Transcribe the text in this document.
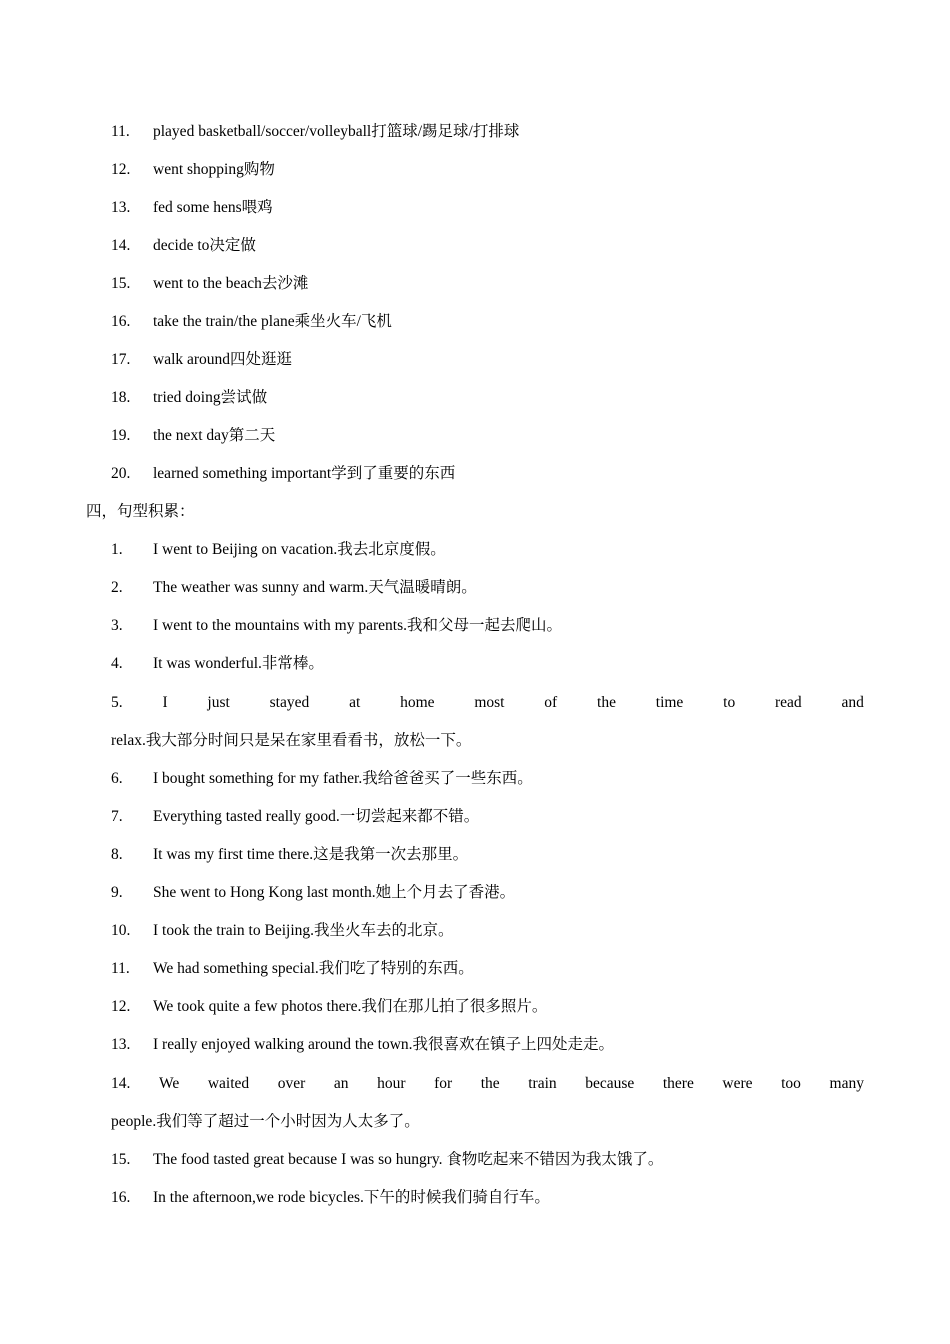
11. played basketball/soccer/volleyball打篮球/踢足球/打排球
12. went shopping购物
13. fed some hens喂鸡
14. decide to决定做
15. went to the beach去沙滩
16. take the train/the plane乘坐火车/飞机
17. walk around四处逛逛
18. tried doing尝试做
19. the next day第二天
20. learned something important学到了重要的东西
四，句型积累：
1. I went to Beijing on vacation.我去北京度假。
2. The weather was sunny and warm.天气温暖晴朗。
3. I went to the mountains with my parents.我和父母一起去爬山。
4. It was wonderful.非常棒。
5.	I	just	stayed	at	home	most	of	the	time	to	read	and
relax.我大部分时间只是呆在家里看看书，放松一下。
6. I bought something for my father.我给爸爸买了一些东西。
7. Everything tasted really good.一切尝起来都不错。
8. It was my first time there.这是我第一次去那里。
9. She went to Hong Kong last month.她上个月去了香港。
10. I took the train to Beijing.我坐火车去的北京。
11. We had something special.我们吃了特别的东西。
12. We took quite a few photos there.我们在那儿拍了很多照片。
13. I really enjoyed walking around the town.我很喜欢在镇子上四处走走。
14. We waited over an hour for the train because there were too many
people.我们等了超过一个小时因为人太多了。
15. The food tasted great because I was so hungry. 食物吃起来不错因为我太饿了。
16. In the afternoon,we rode bicycles.下午的时候我们骑自行车。
